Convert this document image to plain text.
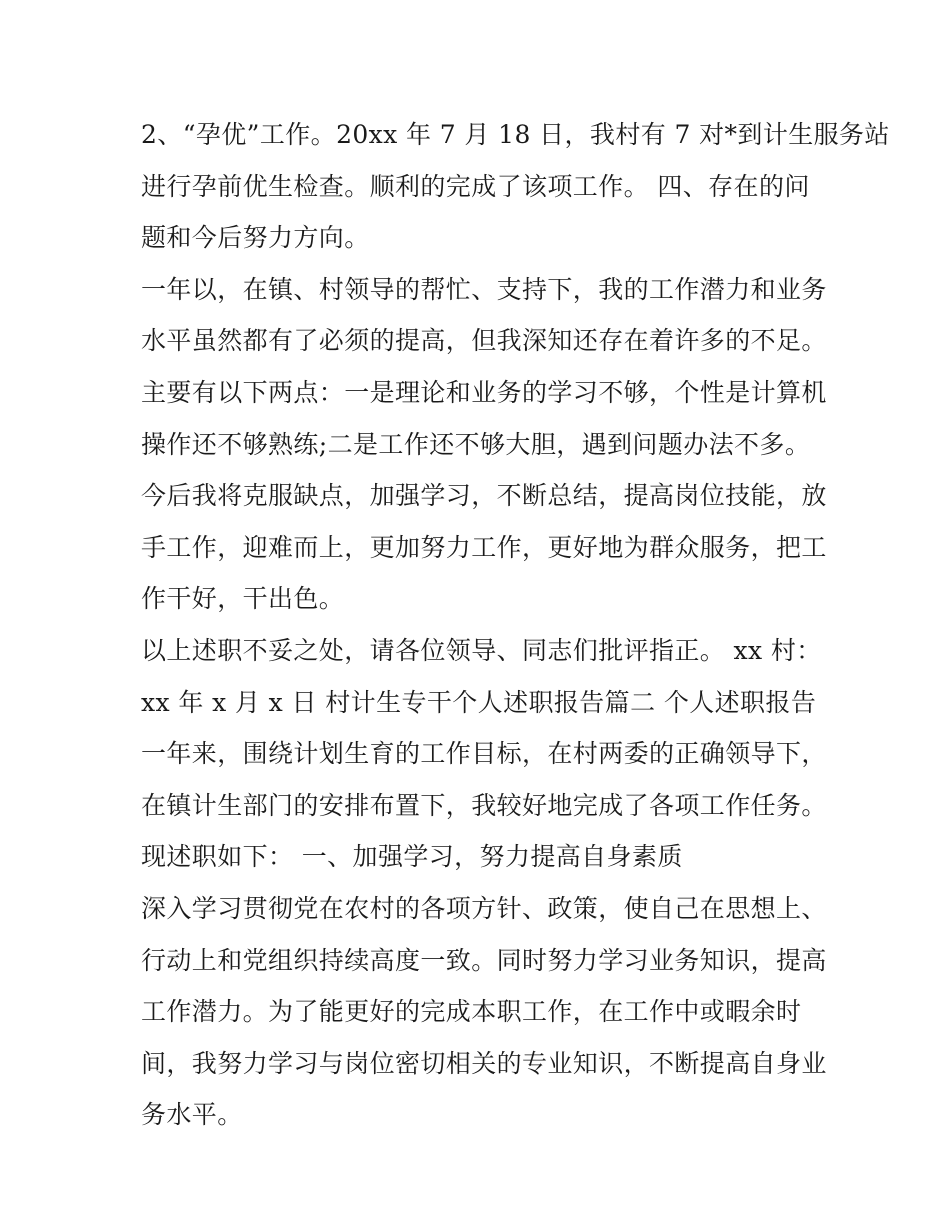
2、“孕优”工作。20xx 年 7 月 18 日，我村有 7 对*到计生服务站
进行孕前优生检查。顺利的完成了该项工作。 四、存在的问
题和今后努力方向。
一年以，在镇、村领导的帮忙、支持下，我的工作潜力和业务
水平虽然都有了必须的提高，但我深知还存在着许多的不足。
主要有以下两点：一是理论和业务的学习不够，个性是计算机
操作还不够熟练;二是工作还不够大胆，遇到问题办法不多。
今后我将克服缺点，加强学习，不断总结，提高岗位技能，放
手工作，迎难而上，更加努力工作，更好地为群众服务，把工
作干好，干出色。
以上述职不妥之处，请各位领导、同志们批评指正。 xx 村：
xx 年 x 月 x 日 村计生专干个人述职报告篇二 个人述职报告
一年来，围绕计划生育的工作目标，在村两委的正确领导下，
在镇计生部门的安排布置下，我较好地完成了各项工作任务。
现述职如下： 一、加强学习，努力提高自身素质
深入学习贯彻党在农村的各项方针、政策，使自己在思想上、
行动上和党组织持续高度一致。同时努力学习业务知识，提高
工作潜力。为了能更好的完成本职工作，在工作中或暇余时
间，我努力学习与岗位密切相关的专业知识，不断提高自身业
务水平。
